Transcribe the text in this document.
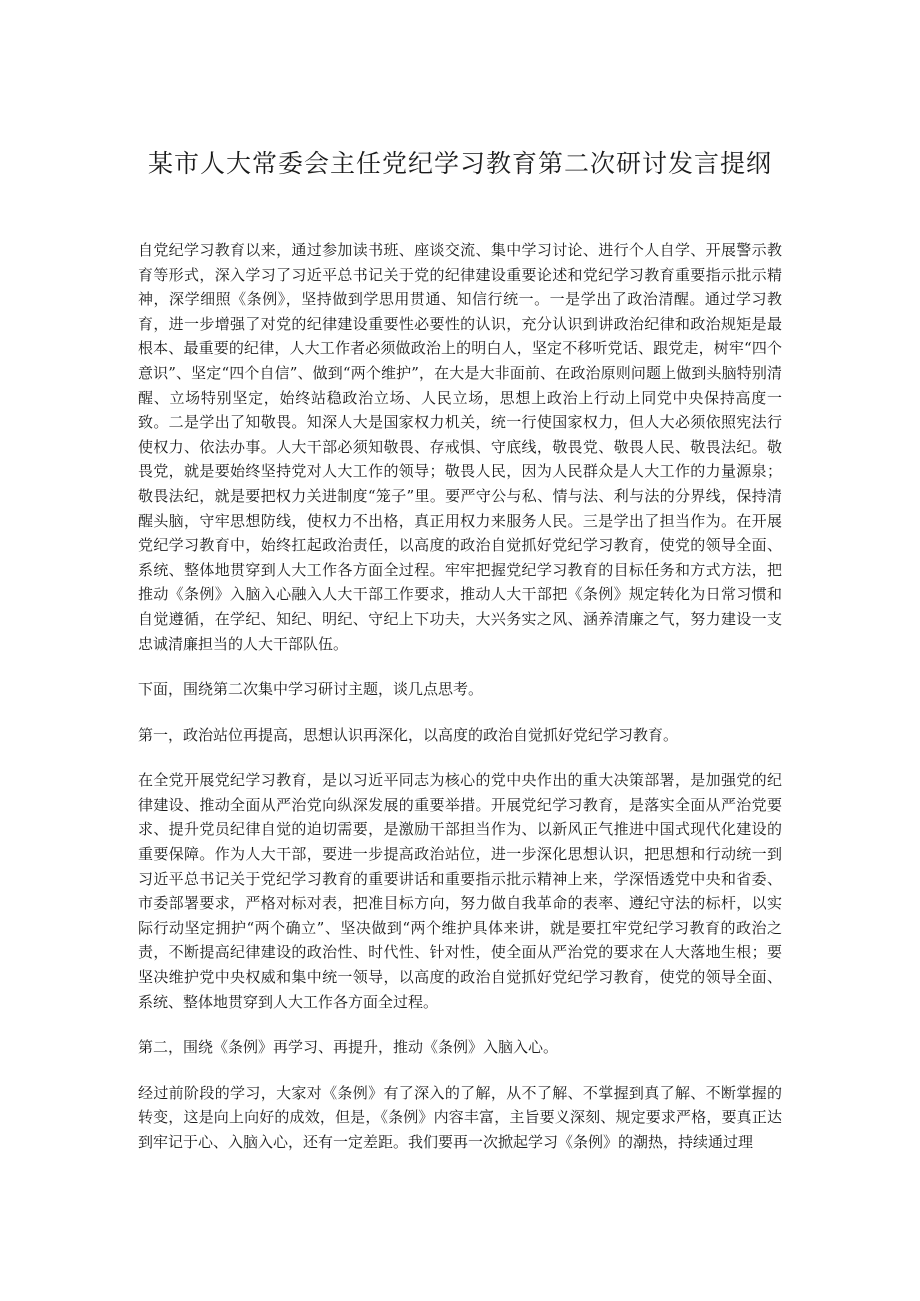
某市人大常委会主任党纪学习教育第二次研讨发言提纲

自党纪学习教育以来，通过参加读书班、座谈交流、集中学习讨论、进行个人自学、开展警示教育等形式，深入学习了习近平总书记关于党的纪律建设重要论述和党纪学习教育重要指示批示精神，深学细照《条例》，坚持做到学思用贯通、知信行统一。一是学出了政治清醒。通过学习教育，进一步增强了对党的纪律建设重要性必要性的认识，充分认识到讲政治纪律和政治规矩是最根本、最重要的纪律，人大工作者必须做政治上的明白人，坚定不移听党话、跟党走，树牢“四个意识”、坚定“四个自信”、做到“两个维护”，在大是大非面前、在政治原则问题上做到头脑特别清醒、立场特别坚定，始终站稳政治立场、人民立场，思想上政治上行动上同党中央保持高度一致。二是学出了知敬畏。知深人大是国家权力机关，统一行使国家权力，但人大必须依照宪法行使权力、依法办事。人大干部必须知敬畏、存戒惧、守底线，敬畏党、敬畏人民、敬畏法纪。敬畏党，就是要始终坚持党对人大工作的领导；敬畏人民，因为人民群众是人大工作的力量源泉；敬畏法纪，就是要把权力关进制度“笼子”里。要严守公与私、情与法、利与法的分界线，保持清醒头脑，守牢思想防线，使权力不出格，真正用权力来服务人民。三是学出了担当作为。在开展党纪学习教育中，始终扛起政治责任，以高度的政治自觉抓好党纪学习教育，使党的领导全面、系统、整体地贯穿到人大工作各方面全过程。牢牢把握党纪学习教育的目标任务和方式方法，把推动《条例》入脑入心融入人大干部工作要求，推动人大干部把《条例》规定转化为日常习惯和自觉遵循，在学纪、知纪、明纪、守纪上下功夫，大兴务实之风、涵养清廉之气，努力建设一支忠诚清廉担当的人大干部队伍。

下面，围绕第二次集中学习研讨主题，谈几点思考。

第一，政治站位再提高，思想认识再深化，以高度的政治自觉抓好党纪学习教育。

在全党开展党纪学习教育，是以习近平同志为核心的党中央作出的重大决策部署，是加强党的纪律建设、推动全面从严治党向纵深发展的重要举措。开展党纪学习教育，是落实全面从严治党要求、提升党员纪律自觉的迫切需要，是激励干部担当作为、以新风正气推进中国式现代化建设的重要保障。作为人大干部，要进一步提高政治站位，进一步深化思想认识，把思想和行动统一到习近平总书记关于党纪学习教育的重要讲话和重要指示批示精神上来，学深悟透党中央和省委、市委部署要求，严格对标对表，把准目标方向，努力做自我革命的表率、遵纪守法的标杆，以实际行动坚定拥护“两个确立”、坚决做到“两个维护具体来讲，就是要扛牢党纪学习教育的政治之责，不断提高纪律建设的政治性、时代性、针对性，使全面从严治党的要求在人大落地生根；要坚决维护党中央权威和集中统一领导，以高度的政治自觉抓好党纪学习教育，使党的领导全面、系统、整体地贯穿到人大工作各方面全过程。

第二，围绕《条例》再学习、再提升，推动《条例》入脑入心。

经过前阶段的学习，大家对《条例》有了深入的了解，从不了解、不掌握到真了解、不断掌握的转变，这是向上向好的成效，但是，《条例》内容丰富，主旨要义深刻、规定要求严格，要真正达到牢记于心、入脑入心，还有一定差距。我们要再一次掀起学习《条例》的潮热，持续通过理
